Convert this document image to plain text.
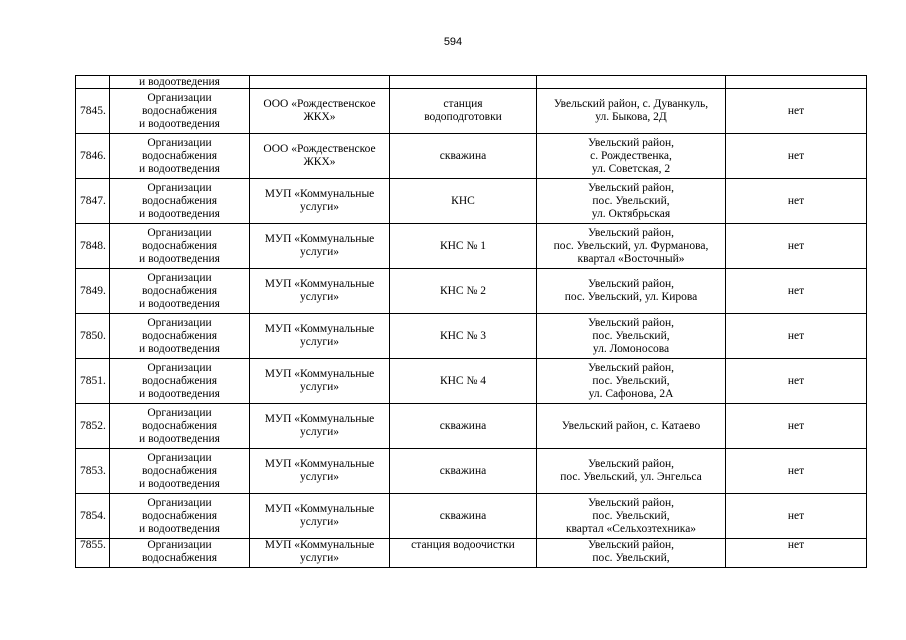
594
	и водоотведения				
7845.	Организации
водоснабжения
и водоотведения	ООО «Рождественское
ЖКХ»	станция
водоподготовки	Увельский район, с. Дуванкуль,
ул. Быкова, 2Д	нет
7846.	Организации
водоснабжения
и водоотведения	ООО «Рождественское
ЖКХ»	скважина	Увельский район,
с. Рождественка,
ул. Советская, 2	нет
7847.	Организации
водоснабжения
и водоотведения	МУП «Коммунальные
услуги»	КНС	Увельский район,
пос. Увельский,
ул. Октябрьская	нет
7848.	Организации
водоснабжения
и водоотведения	МУП «Коммунальные
услуги»	КНС № 1	Увельский район,
пос. Увельский, ул. Фурманова,
квартал «Восточный»	нет
7849.	Организации
водоснабжения
и водоотведения	МУП «Коммунальные
услуги»	КНС № 2	Увельский район,
пос. Увельский, ул. Кирова	нет
7850.	Организации
водоснабжения
и водоотведения	МУП «Коммунальные
услуги»	КНС № 3	Увельский район,
пос. Увельский,
ул. Ломоносова	нет
7851.	Организации
водоснабжения
и водоотведения	МУП «Коммунальные
услуги»	КНС № 4	Увельский район,
пос. Увельский,
ул. Сафонова, 2А	нет
7852.	Организации
водоснабжения
и водоотведения	МУП «Коммунальные
услуги»	скважина	Увельский район, с. Катаево	нет
7853.	Организации
водоснабжения
и водоотведения	МУП «Коммунальные
услуги»	скважина	Увельский район,
пос. Увельский, ул. Энгельса	нет
7854.	Организации
водоснабжения
и водоотведения	МУП «Коммунальные
услуги»	скважина	Увельский район,
пос. Увельский,
квартал «Сельхозтехника»	нет
7855.	Организации
водоснабжения	МУП «Коммунальные
услуги»	станция водоочистки	Увельский район,
пос. Увельский,	нет
